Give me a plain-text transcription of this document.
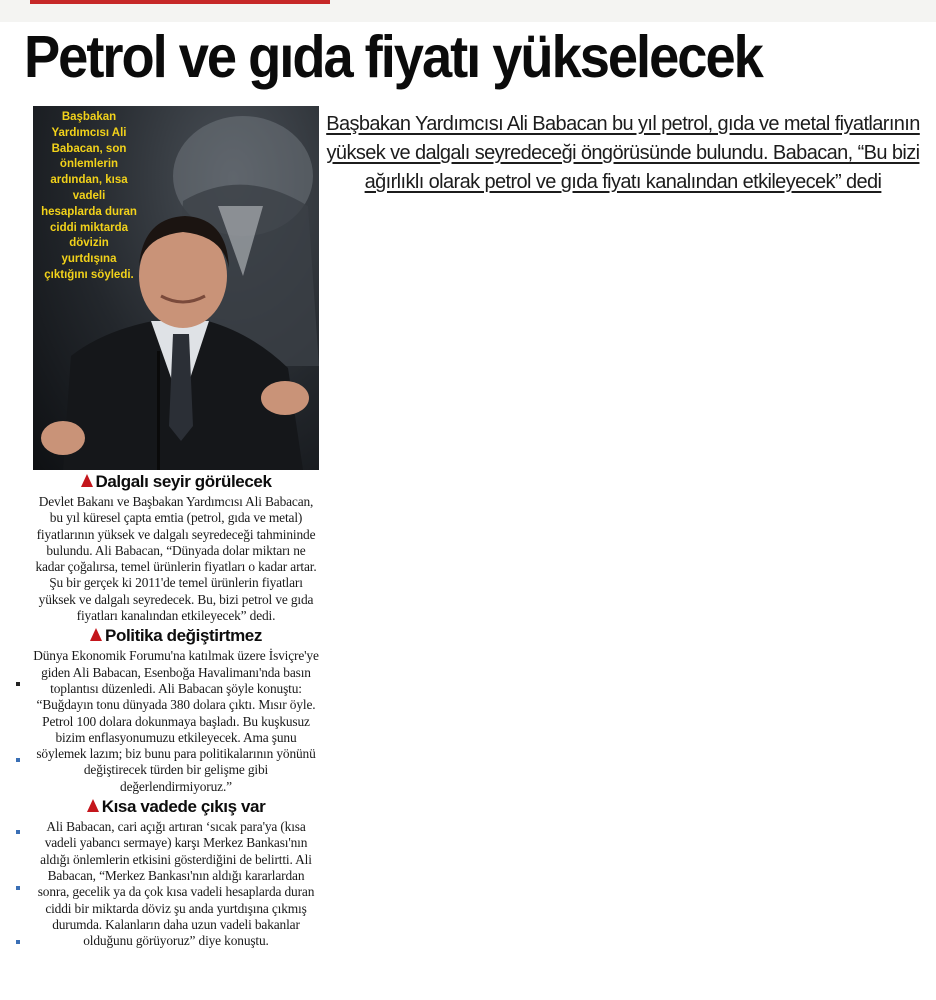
Petrol ve gıda fiyatı yükselecek
Başbakan Yardımcısı Ali Babacan, son önlemlerin ardından, kısa vadeli hesaplarda duran ciddi miktarda dövizin yurtdışına çıktığını söyledi.
Başbakan Yardımcısı Ali Babacan bu yıl petrol, gıda ve metal fiyatlarının yüksek ve dalgalı seyredeceği öngörüsünde bulundu. Babacan, “Bu bizi ağırlıklı olarak petrol ve gıda fiyatı kanalından etkileyecek” dedi
Dalgalı seyir görülecek

Devlet Bakanı ve Başbakan Yardımcısı Ali Babacan, bu yıl küresel çapta emtia (petrol, gıda ve metal) fiyatlarının yüksek ve dalgalı seyredeceği tahmininde bulundu. Ali Babacan, “Dünyada dolar miktarı ne kadar çoğalırsa, temel ürünlerin fiyatları o kadar artar. Şu bir gerçek ki 2011'de temel ürünlerin fiyatları yüksek ve dalgalı seyredecek. Bu, bizi petrol ve gıda fiyatları kanalından etkileyecek” dedi.

Politika değiştirtmez

Dünya Ekonomik Forumu'na katılmak üzere İsviçre'ye giden Ali Babacan, Esenboğa Havalimanı'nda basın toplantısı düzenledi. Ali Babacan şöyle konuştu: “Buğdayın tonu dünyada 380 dolara çıktı. Mısır öyle. Petrol 100 dolara dokunmaya başladı. Bu kuşkusuz bizim enflasyonumuzu etkileyecek. Ama şunu söylemek lazım; biz bunu para politikalarının yönünü değiştirecek türden bir gelişme gibi değerlendirmiyoruz.”

Kısa vadede çıkış var

Ali Babacan, cari açığı artıran ‘sıcak para'ya (kısa vadeli yabancı sermaye) karşı Merkez Bankası'nın aldığı önlemlerin etkisini gösterdiğini de belirtti. Ali Babacan, “Merkez Bankası'nın aldığı kararlardan sonra, gecelik ya da çok kısa vadeli hesaplarda duran ciddi bir miktarda döviz şu anda yurtdışına çıkmış durumda. Kalanların daha uzun vadeli bakanlar olduğunu görüyoruz” diye konuştu.
